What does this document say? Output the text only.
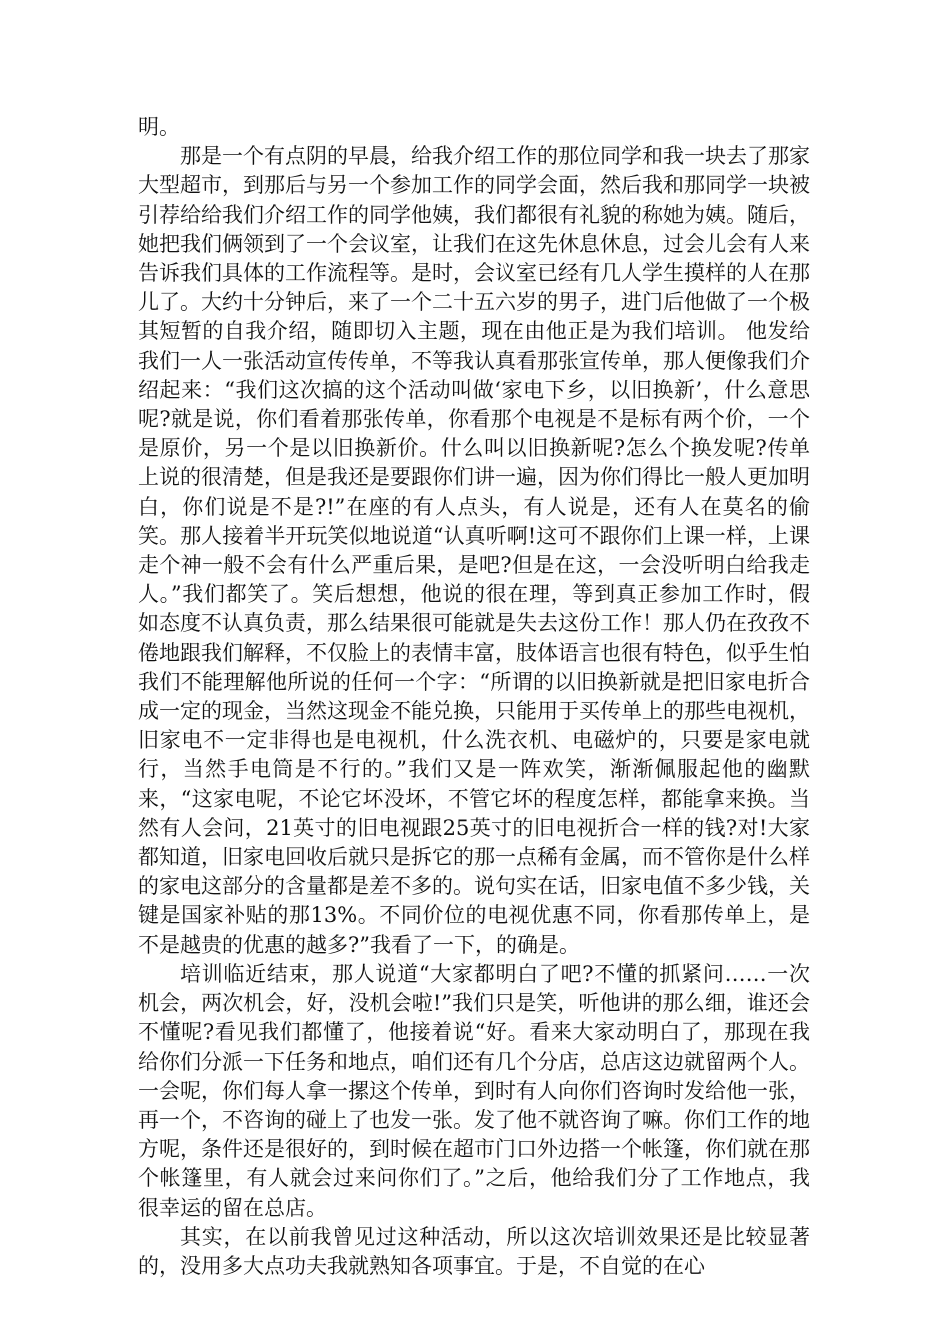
明。

那是一个有点阴的早晨，给我介绍工作的那位同学和我一块去了那家大型超市，到那后与另一个参加工作的同学会面，然后我和那同学一块被引荐给给我们介绍工作的同学他姨，我们都很有礼貌的称她为姨。随后，她把我们俩领到了一个会议室，让我们在这先休息休息，过会儿会有人来告诉我们具体的工作流程等。是时，会议室已经有几人学生摸样的人在那儿了。大约十分钟后，来了一个二十五六岁的男子，进门后他做了一个极其短暂的自我介绍，随即切入主题，现在由他正是为我们培训。 他发给我们一人一张活动宣传传单，不等我认真看那张宣传单，那人便像我们介绍起来：“我们这次搞的这个活动叫做‘家电下乡，以旧换新’，什么意思呢?就是说，你们看着那张传单，你看那个电视是不是标有两个价，一个是原价，另一个是以旧换新价。什么叫以旧换新呢?怎么个换发呢?传单上说的很清楚，但是我还是要跟你们讲一遍，因为你们得比一般人更加明白，你们说是不是?!”在座的有人点头，有人说是，还有人在莫名的偷笑。那人接着半开玩笑似地说道“认真听啊!这可不跟你们上课一样，上课走个神一般不会有什么严重后果，是吧?但是在这，一会没听明白给我走人。”我们都笑了。笑后想想，他说的很在理，等到真正参加工作时，假如态度不认真负责，那么结果很可能就是失去这份工作！那人仍在孜孜不倦地跟我们解释，不仅脸上的表情丰富，肢体语言也很有特色，似乎生怕我们不能理解他所说的任何一个字：“所谓的以旧换新就是把旧家电折合成一定的现金，当然这现金不能兑换，只能用于买传单上的那些电视机，旧家电不一定非得也是电视机，什么洗衣机、电磁炉的，只要是家电就行，当然手电筒是不行的。”我们又是一阵欢笑，渐渐佩服起他的幽默来，“这家电呢，不论它坏没坏，不管它坏的程度怎样，都能拿来换。当然有人会问，21英寸的旧电视跟25英寸的旧电视折合一样的钱?对!大家都知道，旧家电回收后就只是拆它的那一点稀有金属，而不管你是什么样的家电这部分的含量都是差不多的。说句实在话，旧家电值不多少钱，关键是国家补贴的那13%。不同价位的电视优惠不同，你看那传单上，是不是越贵的优惠的越多?”我看了一下，的确是。

培训临近结束，那人说道“大家都明白了吧?不懂的抓紧问……一次机会，两次机会，好，没机会啦!”我们只是笑，听他讲的那么细，谁还会不懂呢?看见我们都懂了，他接着说“好。看来大家动明白了，那现在我给你们分派一下任务和地点，咱们还有几个分店，总店这边就留两个人。一会呢，你们每人拿一摞这个传单，到时有人向你们咨询时发给他一张，再一个，不咨询的碰上了也发一张。发了他不就咨询了嘛。你们工作的地方呢，条件还是很好的，到时候在超市门口外边搭一个帐篷，你们就在那个帐篷里，有人就会过来问你们了。”之后，他给我们分了工作地点，我很幸运的留在总店。

其实，在以前我曾见过这种活动，所以这次培训效果还是比较显著的，没用多大点功夫我就熟知各项事宜。于是，不自觉的在心
